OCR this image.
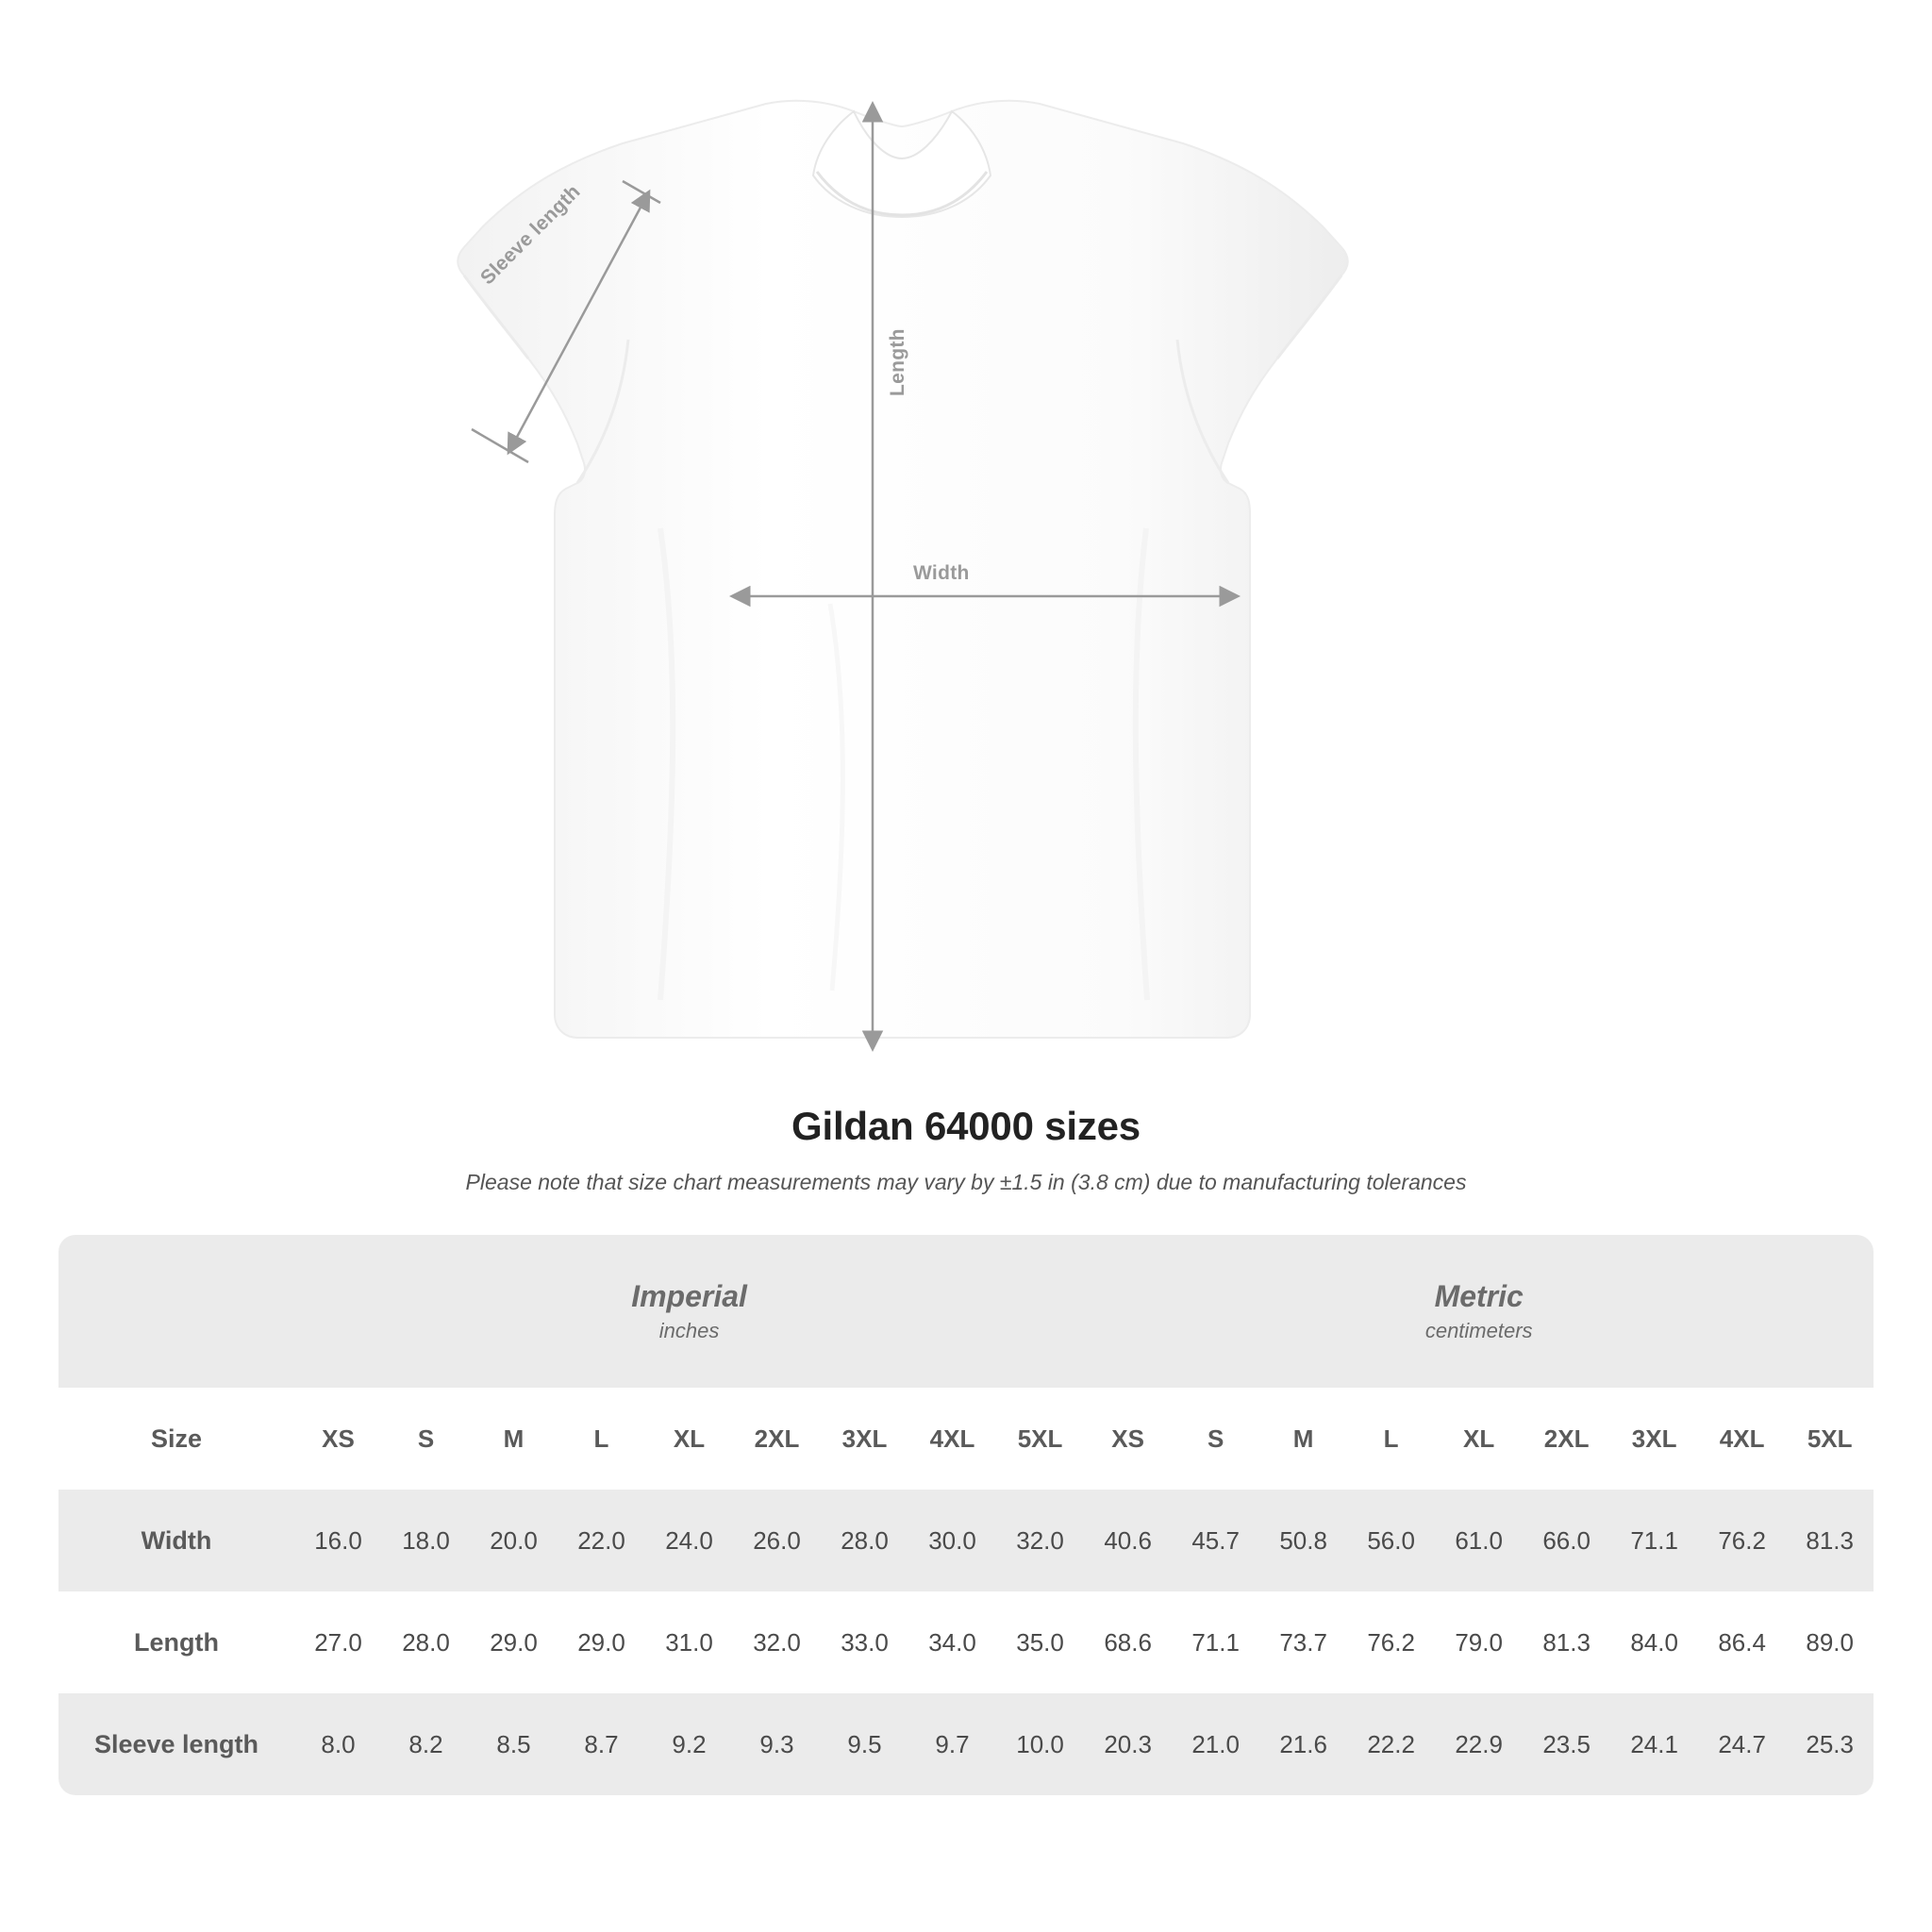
Sleeve length
Length
Width
Gildan 64000 sizes
Please note that size chart measurements may vary by ±1.5 in (3.8 cm) due to manufacturing tolerances

Imperial
inches

Metric
centimeters

Size	XS	S	M	L	XL	2XL	3XL	4XL	5XL	XS	S	M	L	XL	2XL	3XL	4XL	5XL
Width	16.0	18.0	20.0	22.0	24.0	26.0	28.0	30.0	32.0	40.6	45.7	50.8	56.0	61.0	66.0	71.1	76.2	81.3
Length	27.0	28.0	29.0	29.0	31.0	32.0	33.0	34.0	35.0	68.6	71.1	73.7	76.2	79.0	81.3	84.0	86.4	89.0
Sleeve length	8.0	8.2	8.5	8.7	9.2	9.3	9.5	9.7	10.0	20.3	21.0	21.6	22.2	22.9	23.5	24.1	24.7	25.3
